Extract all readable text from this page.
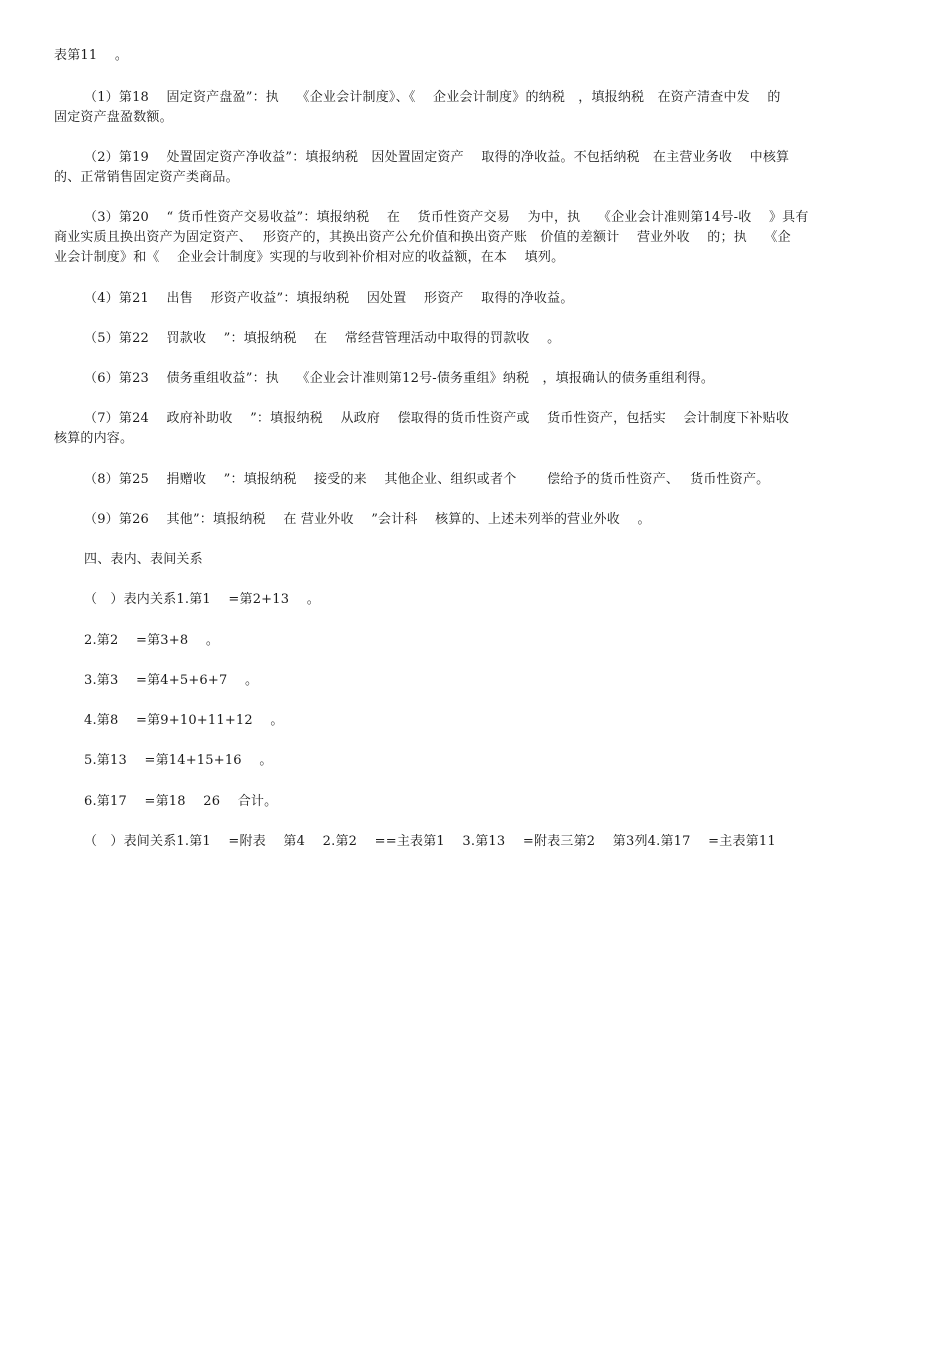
表第11　 。
（1）第18　 固定资产盘盈”：执　 《企业会计制度》、《　 企业会计制度》的纳税　，填报纳税　在资产清查中发　 的
固定资产盘盈数额。
（2）第19　 处置固定资产净收益”：填报纳税　因处置固定资产　 取得的净收益。不包括纳税　在主营业务收　 中核算
的、正常销售固定资产类商品。
（3）第20　 “ 货币性资产交易收益”：填报纳税　 在　 货币性资产交易　 为中，执　 《企业会计准则第14号-收　 》具有
商业实质且换出资产为固定资产、　 形资产的，其换出资产公允价值和换出资产账　价值的差额计　 营业外收　 的；执　 《企
业会计制度》和《　 企业会计制度》实现的与收到补价相对应的收益额，在本　 填列。
（4）第21　 出售　 形资产收益”：填报纳税　 因处置　 形资产　 取得的净收益。
（5）第22　 罚款收　 ”：填报纳税　 在　 常经营管理活动中取得的罚款收　 。
（6）第23　 债务重组收益”：执　 《企业会计准则第12号-债务重组》纳税　，填报确认的债务重组利得。
（7）第24　 政府补助收　 ”：填报纳税　 从政府　 偿取得的货币性资产或　 货币性资产，包括实　 会计制度下补贴收
核算的内容。
（8）第25　 捐赠收　 ”：填报纳税　 接受的来　 其他企业、组织或者个　　 偿给予的货币性资产、　 货币性资产。
（9）第26　 其他”：填报纳税　 在 营业外收　 ”会计科　 核算的、上述未列举的营业外收　 。
四、表内、表间关系
（　）表内关系1.第1　 =第2+13　 。
2.第2　 =第3+8　 。
3.第3　 =第4+5+6+7　 。
4.第8　 =第9+10+11+12　 。
5.第13　 =第14+15+16　 。
6.第17　 =第18　 26　 合计。
（　）表间关系1.第1　 =附表　 第4　 2.第2　 ==主表第1　 3.第13　 =附表三第2　 第3列4.第17　 =主表第11
